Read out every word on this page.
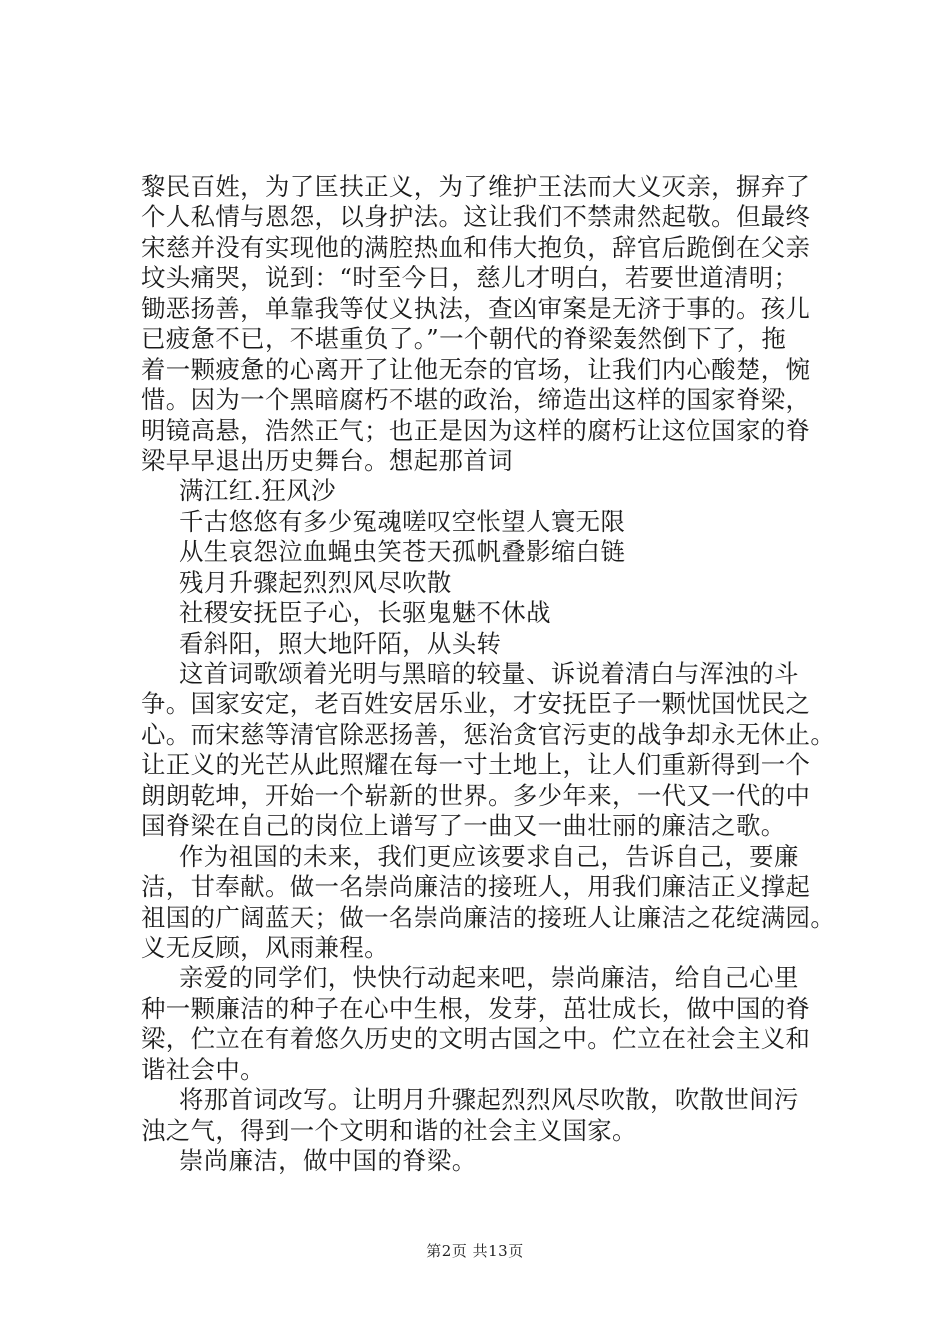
黎民百姓，为了匡扶正义，为了维护王法而大义灭亲，摒弃了
个人私情与恩怨，以身护法。这让我们不禁肃然起敬。但最终
宋慈并没有实现他的满腔热血和伟大抱负，辞官后跪倒在父亲
坟头痛哭，说到：“时至今日，慈儿才明白，若要世道清明；
锄恶扬善，单靠我等仗义执法，查凶审案是无济于事的。孩儿
已疲惫不已，不堪重负了。”一个朝代的脊梁轰然倒下了，拖
着一颗疲惫的心离开了让他无奈的官场，让我们内心酸楚，惋
惜。因为一个黑暗腐朽不堪的政治，缔造出这样的国家脊梁，
明镜高悬，浩然正气；也正是因为这样的腐朽让这位国家的脊
梁早早退出历史舞台。想起那首词
满江红.狂风沙
千古悠悠有多少冤魂嗟叹空怅望人寰无限
从生哀怨泣血蝇虫笑苍天孤帆叠影缩白链
残月升骤起烈烈风尽吹散
社稷安抚臣子心，长驱鬼魅不休战
看斜阳，照大地阡陌，从头转
这首词歌颂着光明与黑暗的较量、诉说着清白与浑浊的斗
争。国家安定，老百姓安居乐业，才安抚臣子一颗忧国忧民之
心。而宋慈等清官除恶扬善，惩治贪官污吏的战争却永无休止。
让正义的光芒从此照耀在每一寸土地上，让人们重新得到一个
朗朗乾坤，开始一个崭新的世界。多少年来，一代又一代的中
国脊梁在自己的岗位上谱写了一曲又一曲壮丽的廉洁之歌。
作为祖国的未来，我们更应该要求自己，告诉自己，要廉
洁，甘奉献。做一名崇尚廉洁的接班人，用我们廉洁正义撑起
祖国的广阔蓝天；做一名崇尚廉洁的接班人让廉洁之花绽满园。
义无反顾，风雨兼程。
亲爱的同学们，快快行动起来吧，崇尚廉洁，给自己心里
种一颗廉洁的种子在心中生根，发芽，茁壮成长，做中国的脊
梁，伫立在有着悠久历史的文明古国之中。伫立在社会主义和
谐社会中。
将那首词改写。让明月升骤起烈烈风尽吹散，吹散世间污
浊之气，得到一个文明和谐的社会主义国家。
崇尚廉洁，做中国的脊梁。
第2页 共13页
